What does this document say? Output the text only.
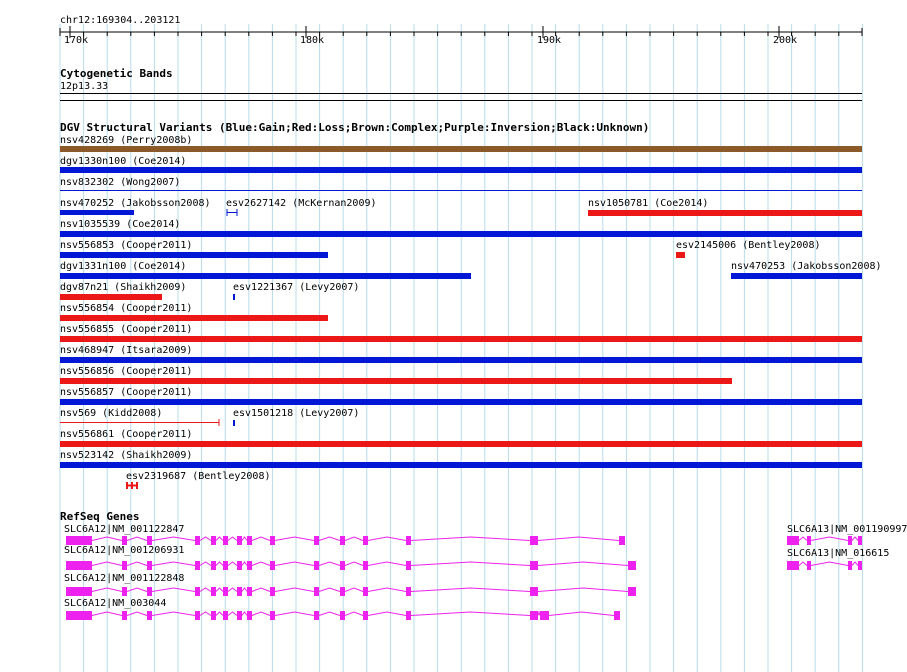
chr12:169304..203121
170k	180k	190k	200k
Cytogenetic Bands
12p13.33
DGV Structural Variants (Blue:Gain;Red:Loss;Brown:Complex;Purple:Inversion;Black:Unknown)
nsv428269 (Perry2008b)
dgv1330n100 (Coe2014)
nsv832302 (Wong2007)
nsv470252 (Jakobsson2008) esv2627142 (McKernan2009)	nsv1050781 (Coe2014)
nsv1035539 (Coe2014)
nsv556853 (Cooper2011)	esv2145006 (Bentley2008)
dgv1331n100 (Coe2014)	nsv470253 (Jakobsson2008)
dgv87n21 (Shaikh2009)	esv1221367 (Levy2007)
nsv556854 (Cooper2011)
nsv556855 (Cooper2011)
nsv468947 (Itsara2009)
nsv556856 (Cooper2011)
nsv556857 (Cooper2011)
nsv569 (Kidd2008)	esv1501218 (Levy2007)
nsv556861 (Cooper2011)
nsv523142 (Shaikh2009)
esv2319687 (Bentley2008)
RefSeq Genes
SLC6A12|NM_001122847
SLC6A12|NM_001206931
SLC6A12|NM_001122848
SLC6A12|NM_003044
SLC6A13|NM_001190997
SLC6A13|NM_016615
